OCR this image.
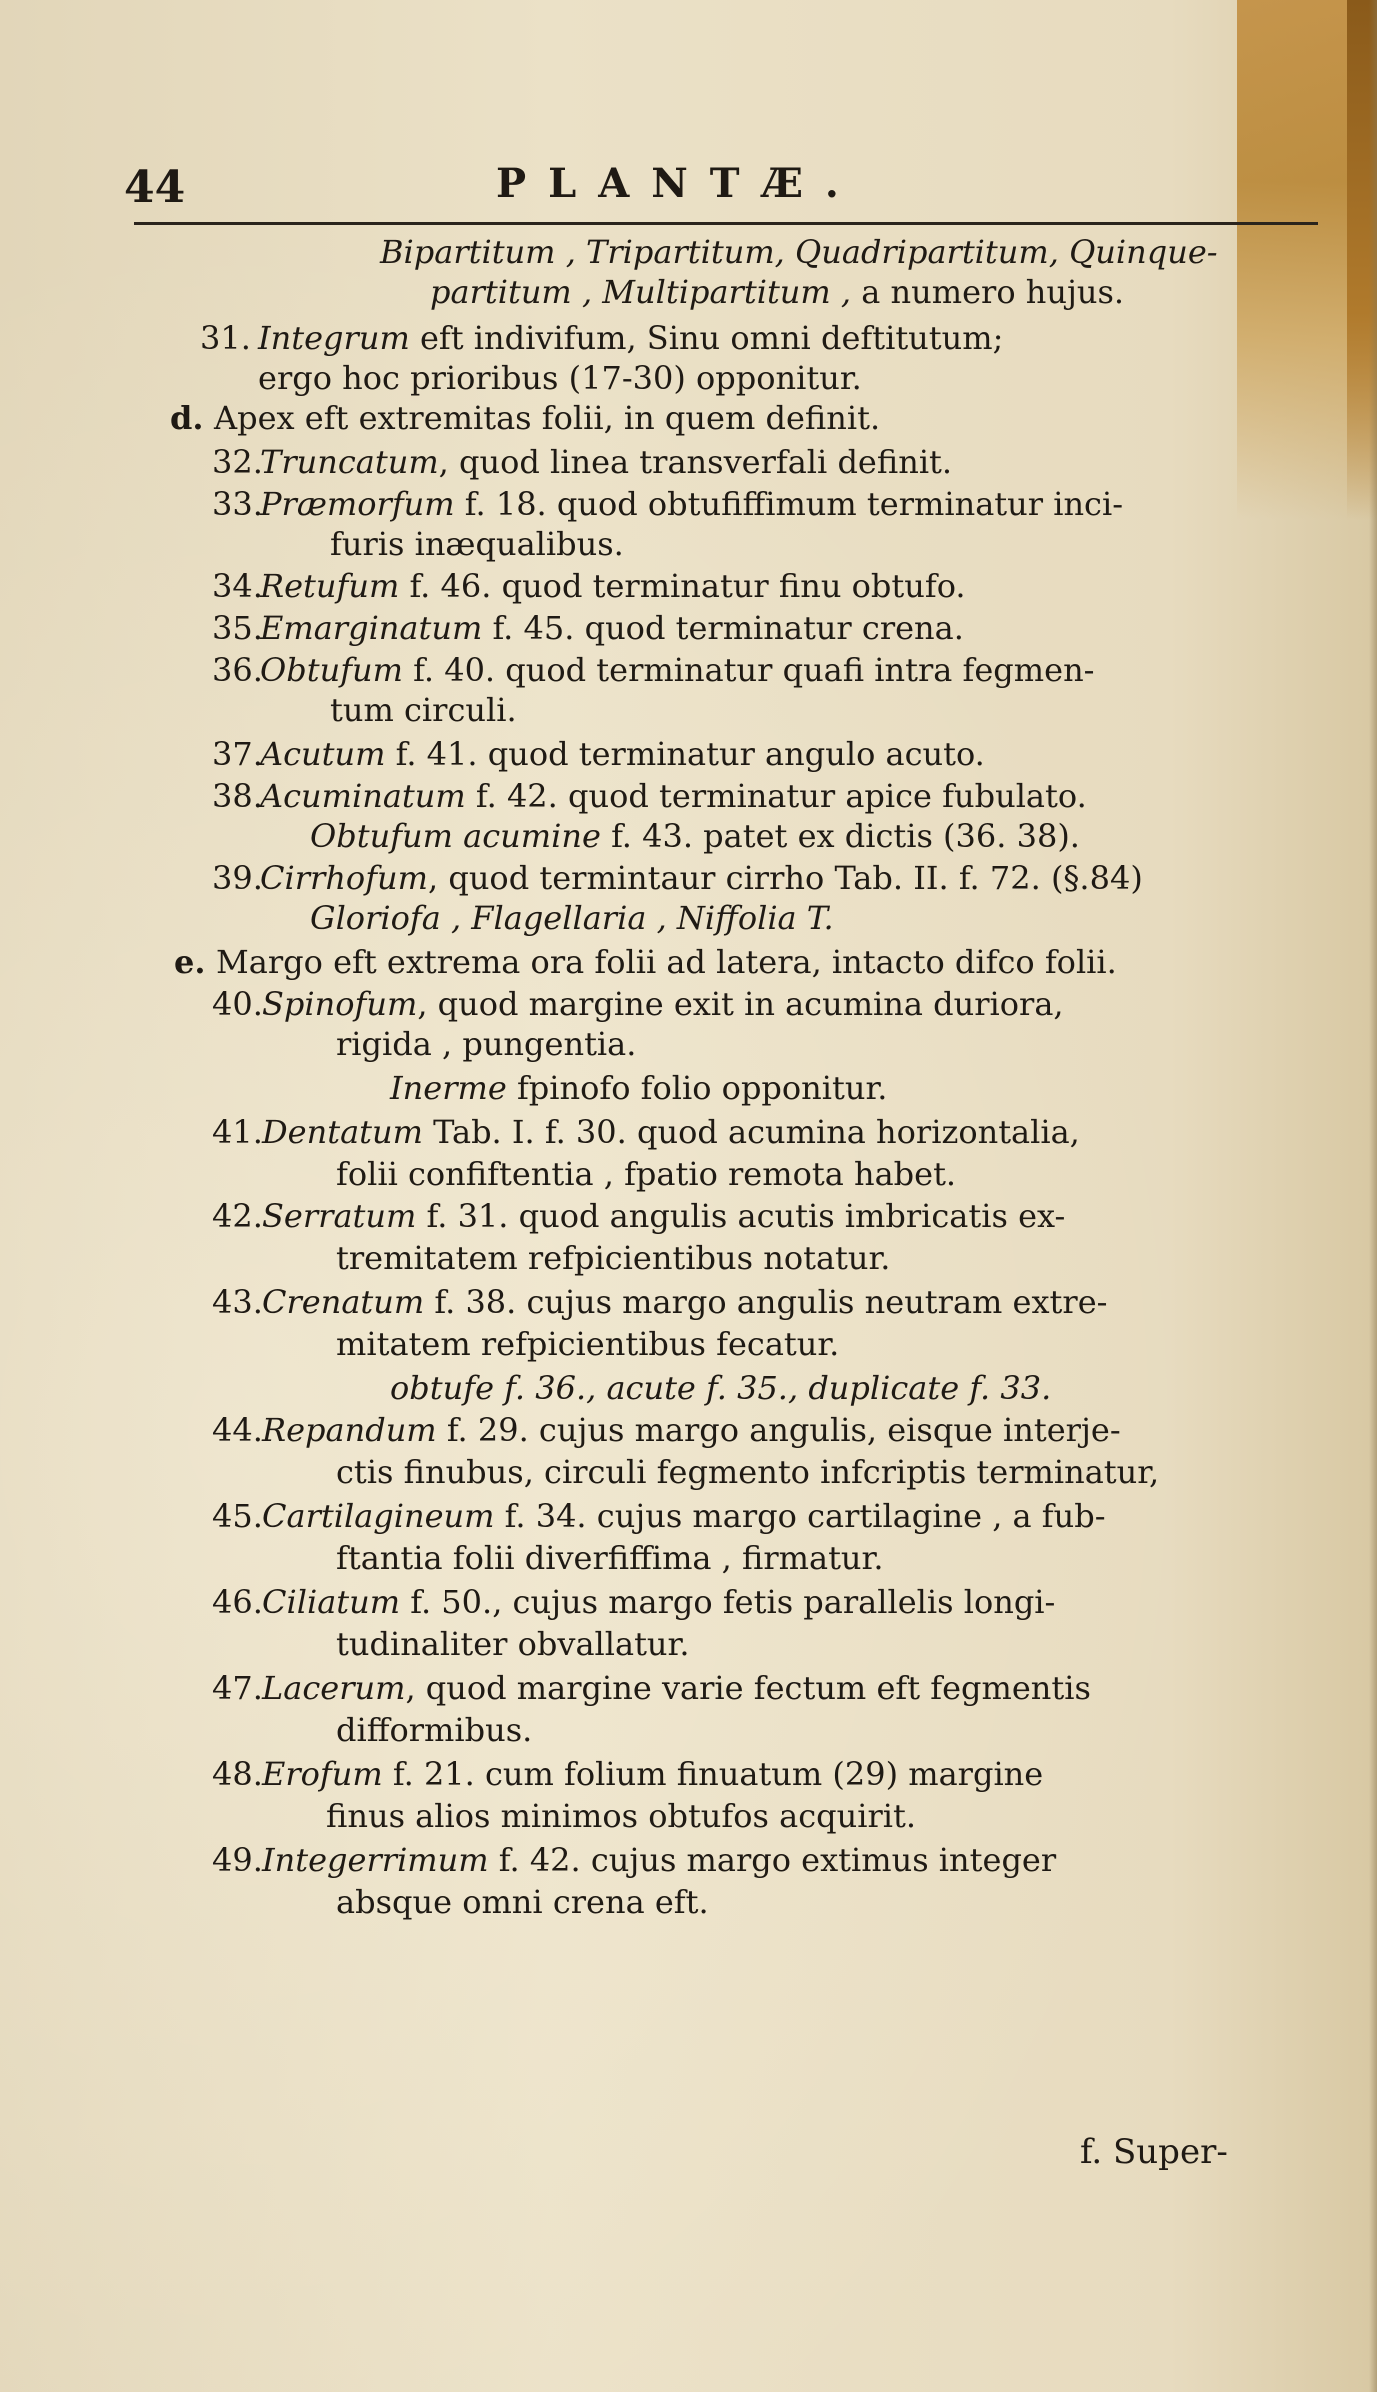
44	PLANTÆ.
Bipartitum , Tripartitum, Quadripartitum, Quinque-
partitum , Multipartitum , a numero hujus.
31. Integrum eft indivifum, Sinu omni deftitutum;
ergo hoc prioribus (17-30) opponitur.
d. Apex eft extremitas folii, in quem definit.
32.
Truncatum, quod linea transverfali definit.
33.
Præmorfum f. 18. quod obtufiffimum terminatur inci-
furis inæqualibus.
34.
Retufum f. 46. quod terminatur finu obtufo.
35.
Emarginatum f. 45. quod terminatur crena.
36.
Obtufum f. 40. quod terminatur quafi intra fegmen-
tum circuli.
37.
Acutum f. 41. quod terminatur angulo acuto.
38.
Acuminatum f. 42. quod terminatur apice fubulato.
Obtufum acumine f. 43. patet ex dictis (36. 38).
39.
Cirrhofum, quod termintaur cirrho Tab. II. f. 72. (§.84)
Gloriofa , Flagellaria , Niffolia T.
e. Margo eft extrema ora folii ad latera, intacto difco folii.
40. Spinofum, quod margine exit in acumina duriora,
rigida , pungentia.
Inerme fpinofo folio opponitur.
41. Dentatum Tab. I. f. 30. quod acumina horizontalia,
folii confiftentia , fpatio remota habet.
42. Serratum f. 31. quod angulis acutis imbricatis ex-
tremitatem refpicientibus notatur.
43. Crenatum f. 38. cujus margo angulis neutram extre-
mitatem refpicientibus fecatur.
obtufe f. 36., acute f. 35., duplicate f. 33.
44. Repandum f. 29. cujus margo angulis, eisque interje-
ctis finubus, circuli fegmento infcriptis terminatur,
45. Cartilagineum f. 34. cujus margo cartilagine , a fub-
ftantia folii diverfiffima , firmatur.
46. Ciliatum f. 50., cujus margo fetis parallelis longi-
tudinaliter obvallatur.
47. Lacerum, quod margine varie fectum eft fegmentis
difformibus.
48. Erofum f. 21. cum folium finuatum (29) margine
finus alios minimos obtufos acquirit.
49. Integerrimum f. 42. cujus margo extimus integer
absque omni crena eft.
f. Super-
